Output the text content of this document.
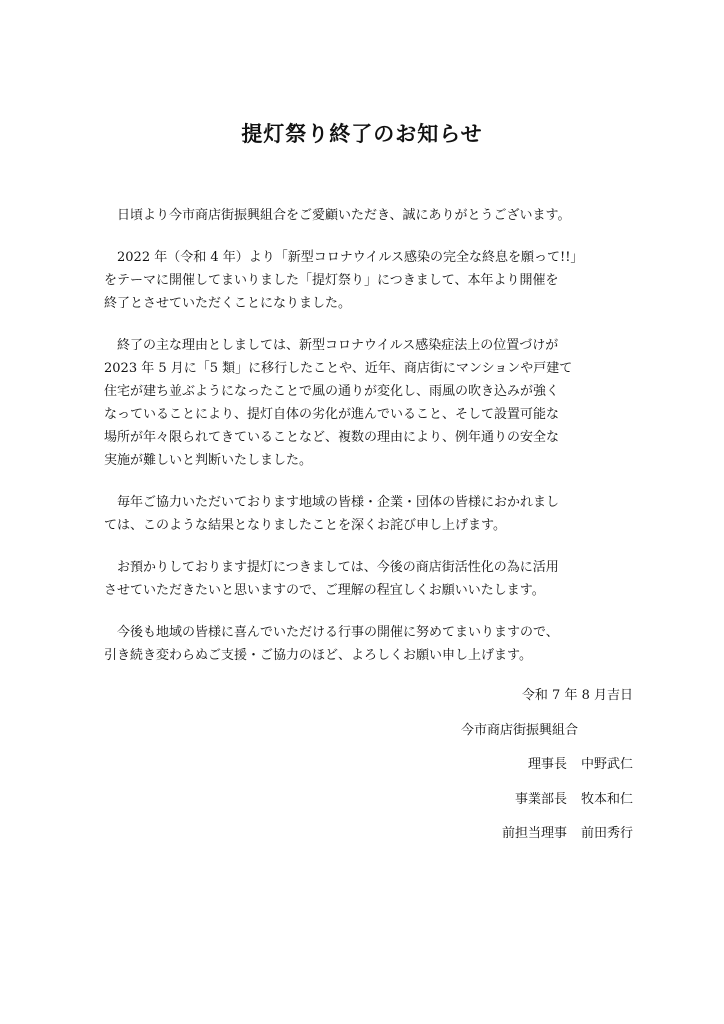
提灯祭り終了のお知らせ

日頃より今市商店街振興組合をご愛顧いただき、誠にありがとうございます。

2022 年（令和 4 年）より「新型コロナウイルス感染の完全な終息を願って!!」
をテーマに開催してまいりました「提灯祭り」につきまして、本年より開催を
終了とさせていただくことになりました。

終了の主な理由としましては、新型コロナウイルス感染症法上の位置づけが
2023 年 5 月に「5 類」に移行したことや、近年、商店街にマンションや戸建て
住宅が建ち並ぶようになったことで風の通りが変化し、雨風の吹き込みが強く
なっていることにより、提灯自体の劣化が進んでいること、そして設置可能な
場所が年々限られてきていることなど、複数の理由により、例年通りの安全な
実施が難しいと判断いたしました。

毎年ご協力いただいております地域の皆様・企業・団体の皆様におかれまし
ては、このような結果となりましたことを深くお詫び申し上げます。

お預かりしております提灯につきましては、今後の商店街活性化の為に活用
させていただきたいと思いますので、ご理解の程宜しくお願いいたします。

今後も地域の皆様に喜んでいただける行事の開催に努めてまいりますので、
引き続き変わらぬご支援・ご協力のほど、よろしくお願い申し上げます。

令和 7 年 8 月吉日
今市商店街振興組合
理事長 中野武仁
事業部長 牧本和仁
前担当理事 前田秀行
